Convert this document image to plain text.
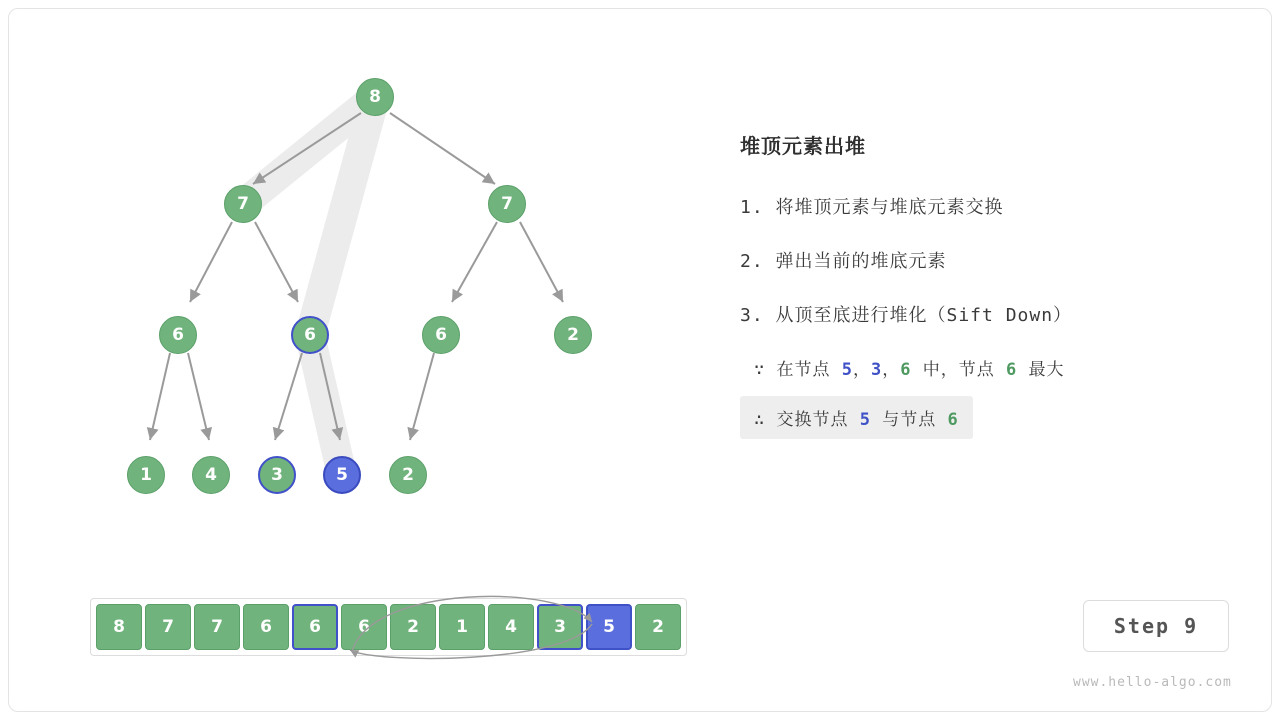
8
7	7
6	6	6	2
1	4	3	5	2
8	7	7	6	6	6	2	1	4	3	5	2
堆顶元素出堆
1. 将堆顶元素与堆底元素交换
2. 弹出当前的堆底元素
3. 从顶至底进行堆化（Sift Down）
∵ 在节点 5，3，6 中，节点 6 最大
∴ 交换节点 5 与节点 6
Step 9
www.hello-algo.com
